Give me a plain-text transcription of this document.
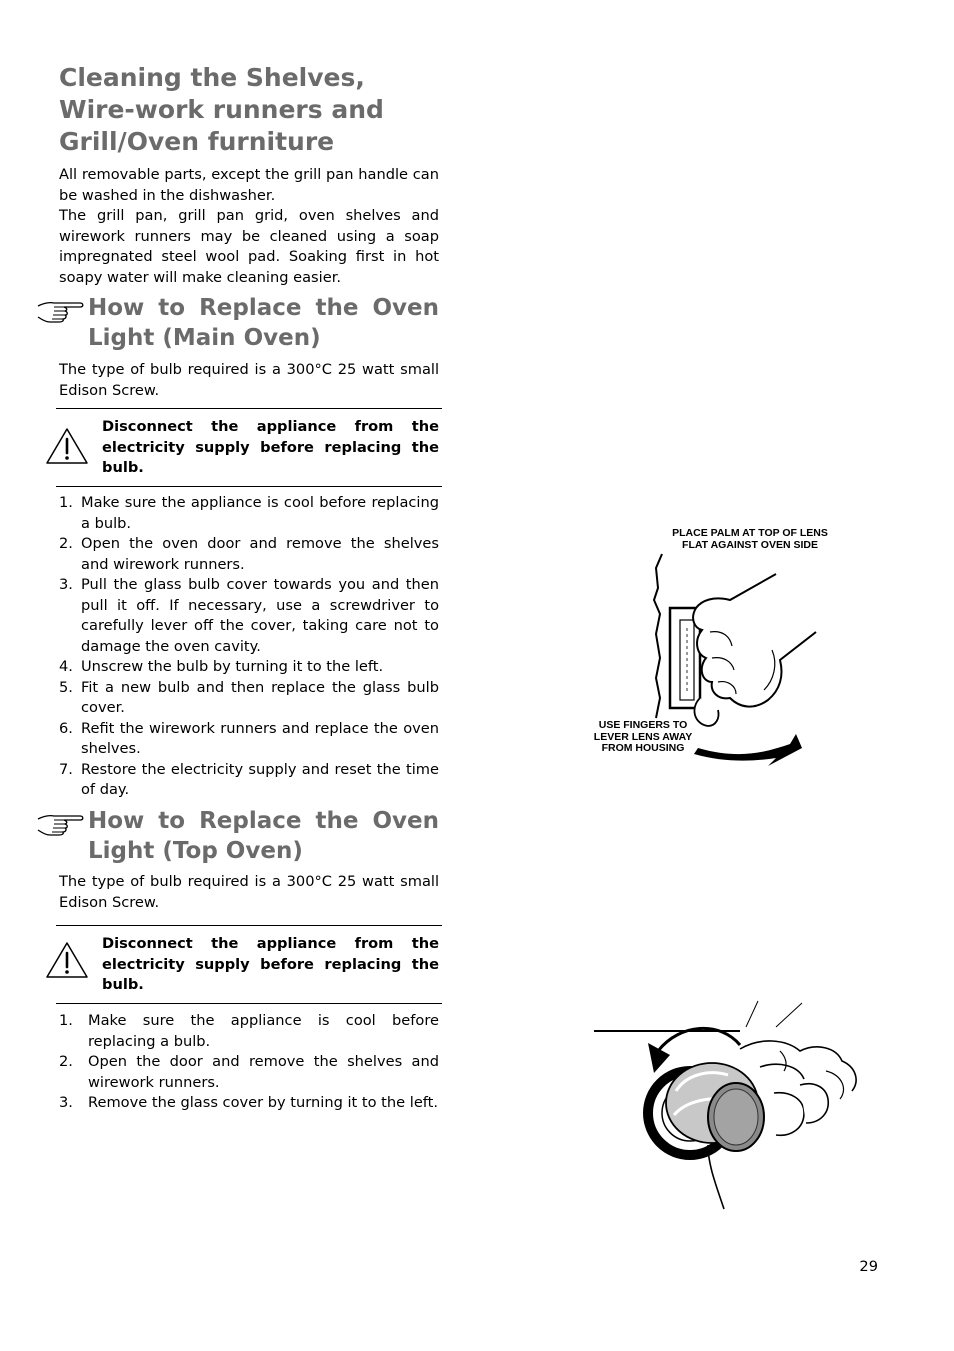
Cleaning the Shelves, Wire-work runners and Grill/Oven furniture

All removable parts, except the grill pan handle can be washed in the dishwasher.

The grill pan, grill pan grid, oven shelves and wirework runners may be cleaned using a soap impregnated steel wool pad. Soaking first in hot soapy water will make cleaning easier.

How to Replace the Oven Light (Main Oven)

The type of bulb required is a 300°C 25 watt small Edison Screw.

Disconnect the appliance from the electricity supply before replacing the bulb.

1. Make sure the appliance is cool before replacing a bulb.
2. Open the oven door and remove the shelves and wirework runners.
3. Pull the glass bulb cover towards you and then pull it off. If necessary, use a screwdriver to carefully lever off the cover, taking care not to damage the oven cavity.
4. Unscrew the bulb by turning it to the left.
5. Fit a new bulb and then replace the glass bulb cover.
6. Refit the wirework runners and replace the oven shelves.
7. Restore the electricity supply and reset the time of day.
How to Replace the Oven Light (Top Oven)

The type of bulb required is a 300°C 25 watt small Edison Screw.

Disconnect the appliance from the electricity supply before replacing the bulb.

1. Make sure the appliance is cool before replacing a bulb.
2. Open the door and remove the shelves and wirework runners.
3. Remove the glass cover by turning it to the left.
PLACE PALM AT TOP OF LENS
FLAT AGAINST OVEN SIDE
USE FINGERS TO
LEVER LENS AWAY
FROM HOUSING
29
